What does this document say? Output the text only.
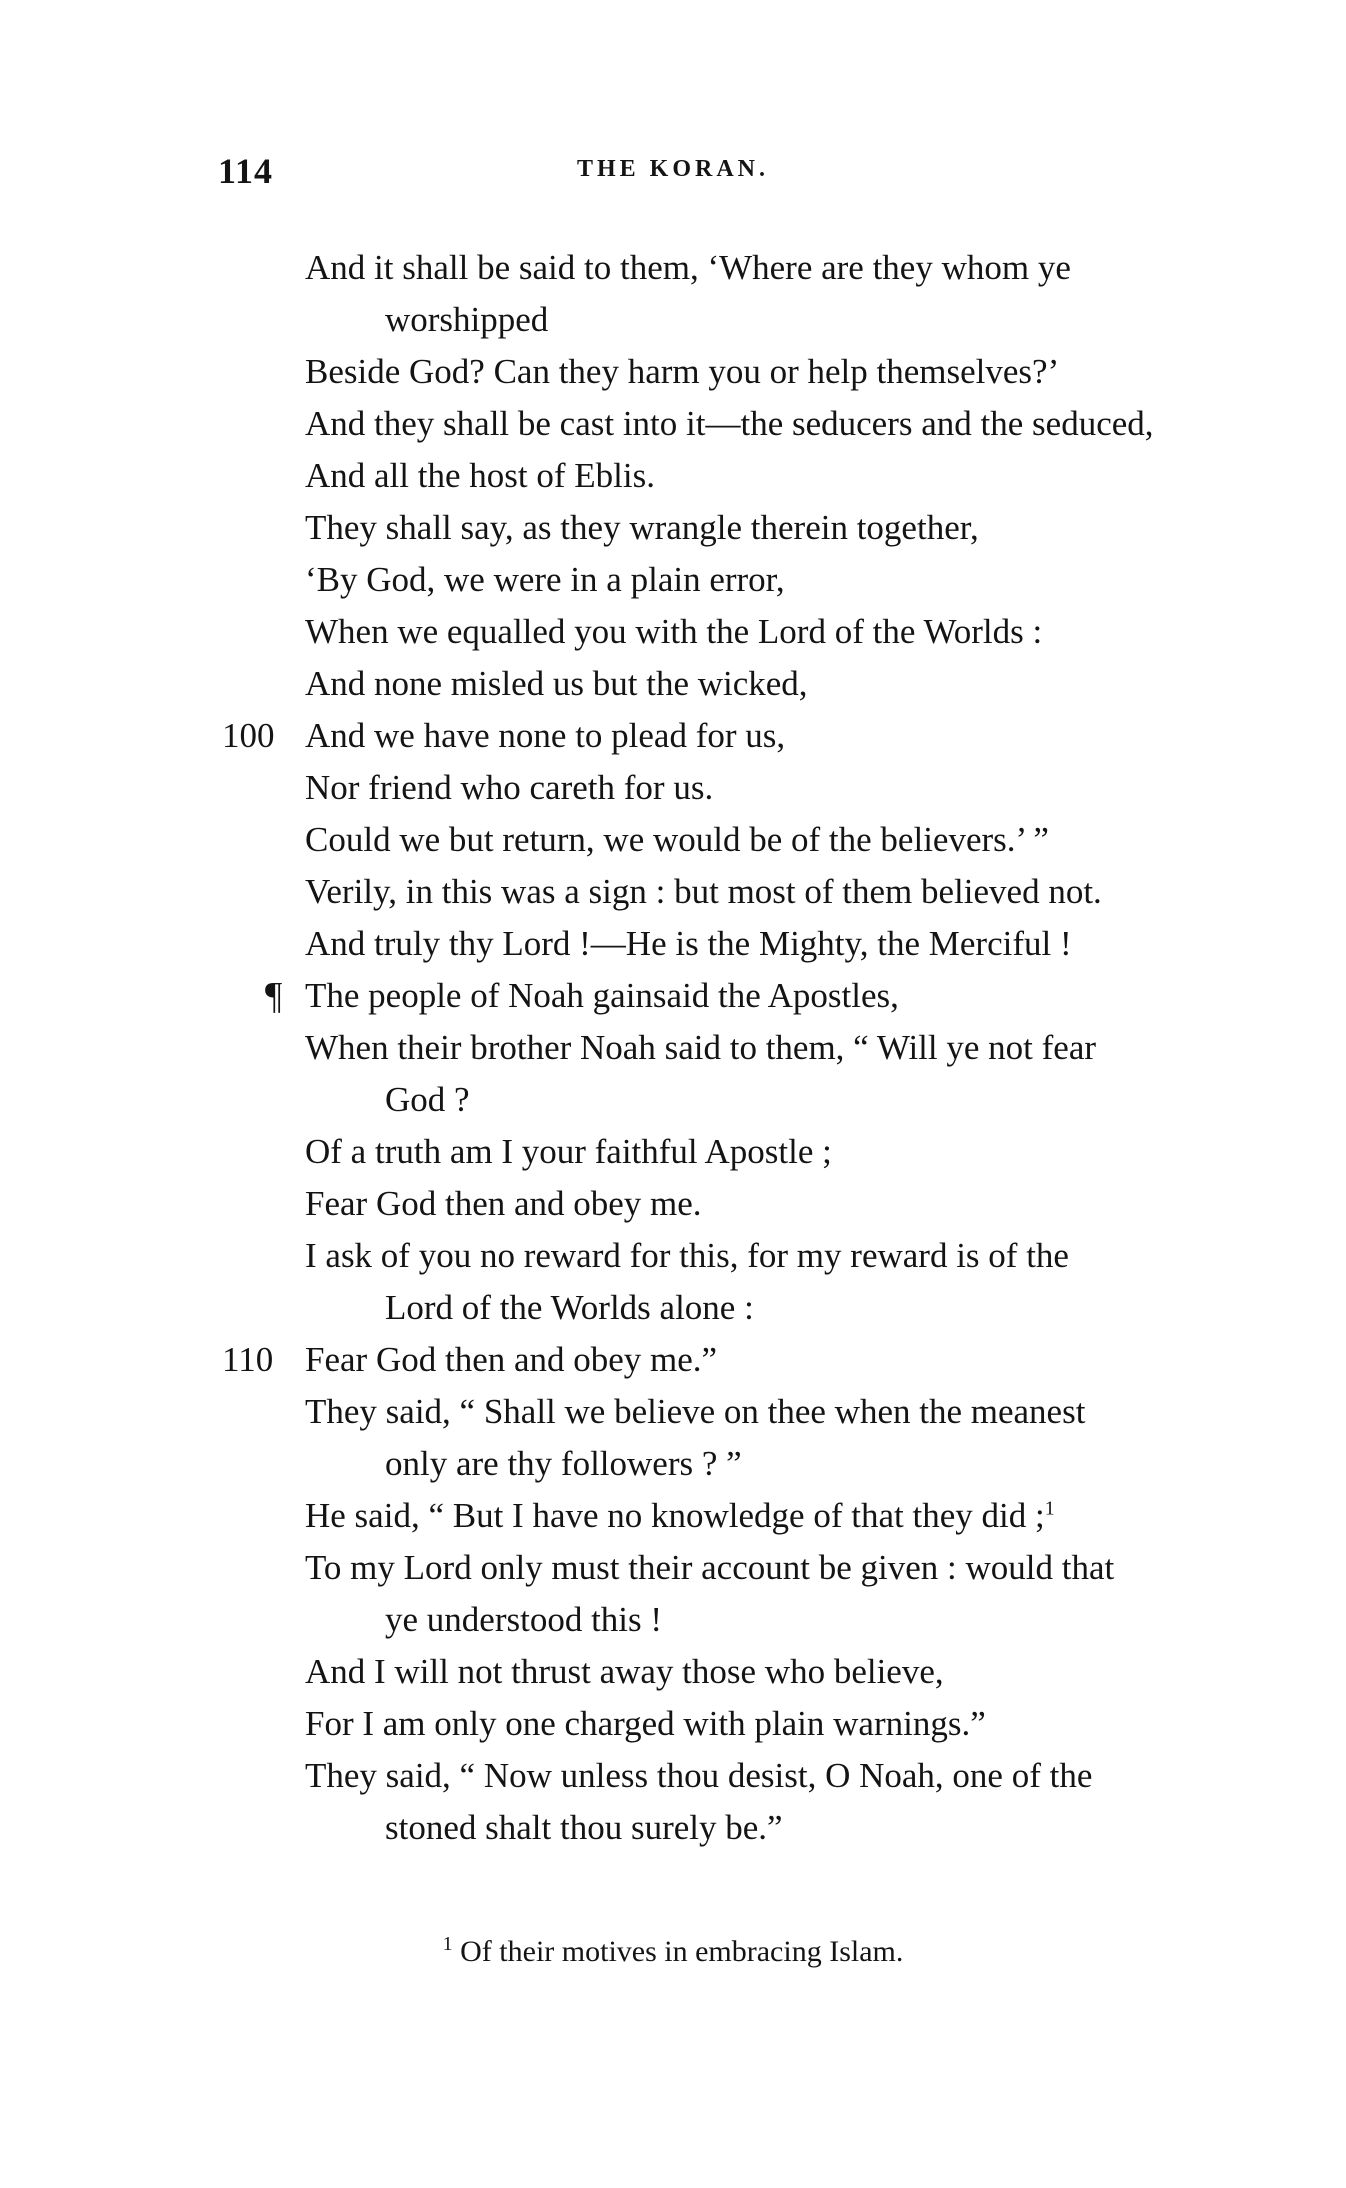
114	THE KORAN.
And it shall be said to them, ‘Where are they whom ye
worshipped
Beside God? Can they harm you or help themselves?’
And they shall be cast into it—the seducers and the seduced,
And all the host of Eblis.
They shall say, as they wrangle therein together,
‘By God, we were in a plain error,
When we equalled you with the Lord of the Worlds :
And none misled us but the wicked,
100 And we have none to plead for us,
Nor friend who careth for us.
Could we but return, we would be of the believers.’ ”
Verily, in this was a sign : but most of them believed not.
And truly thy Lord !—He is the Mighty, the Merciful !
¶ The people of Noah gainsaid the Apostles,
When their brother Noah said to them, “ Will ye not fear
God ?
Of a truth am I your faithful Apostle ;
Fear God then and obey me.
I ask of you no reward for this, for my reward is of the
Lord of the Worlds alone :
110 Fear God then and obey me.”
They said, “ Shall we believe on thee when the meanest
only are thy followers ? ”
He said, “ But I have no knowledge of that they did ;$^1$
To my Lord only must their account be given : would that
ye understood this !
And I will not thrust away those who believe,
For I am only one charged with plain warnings.”
They said, “ Now unless thou desist, O Noah, one of the
stoned shalt thou surely be.”
$^1$ Of their motives in embracing Islam.
